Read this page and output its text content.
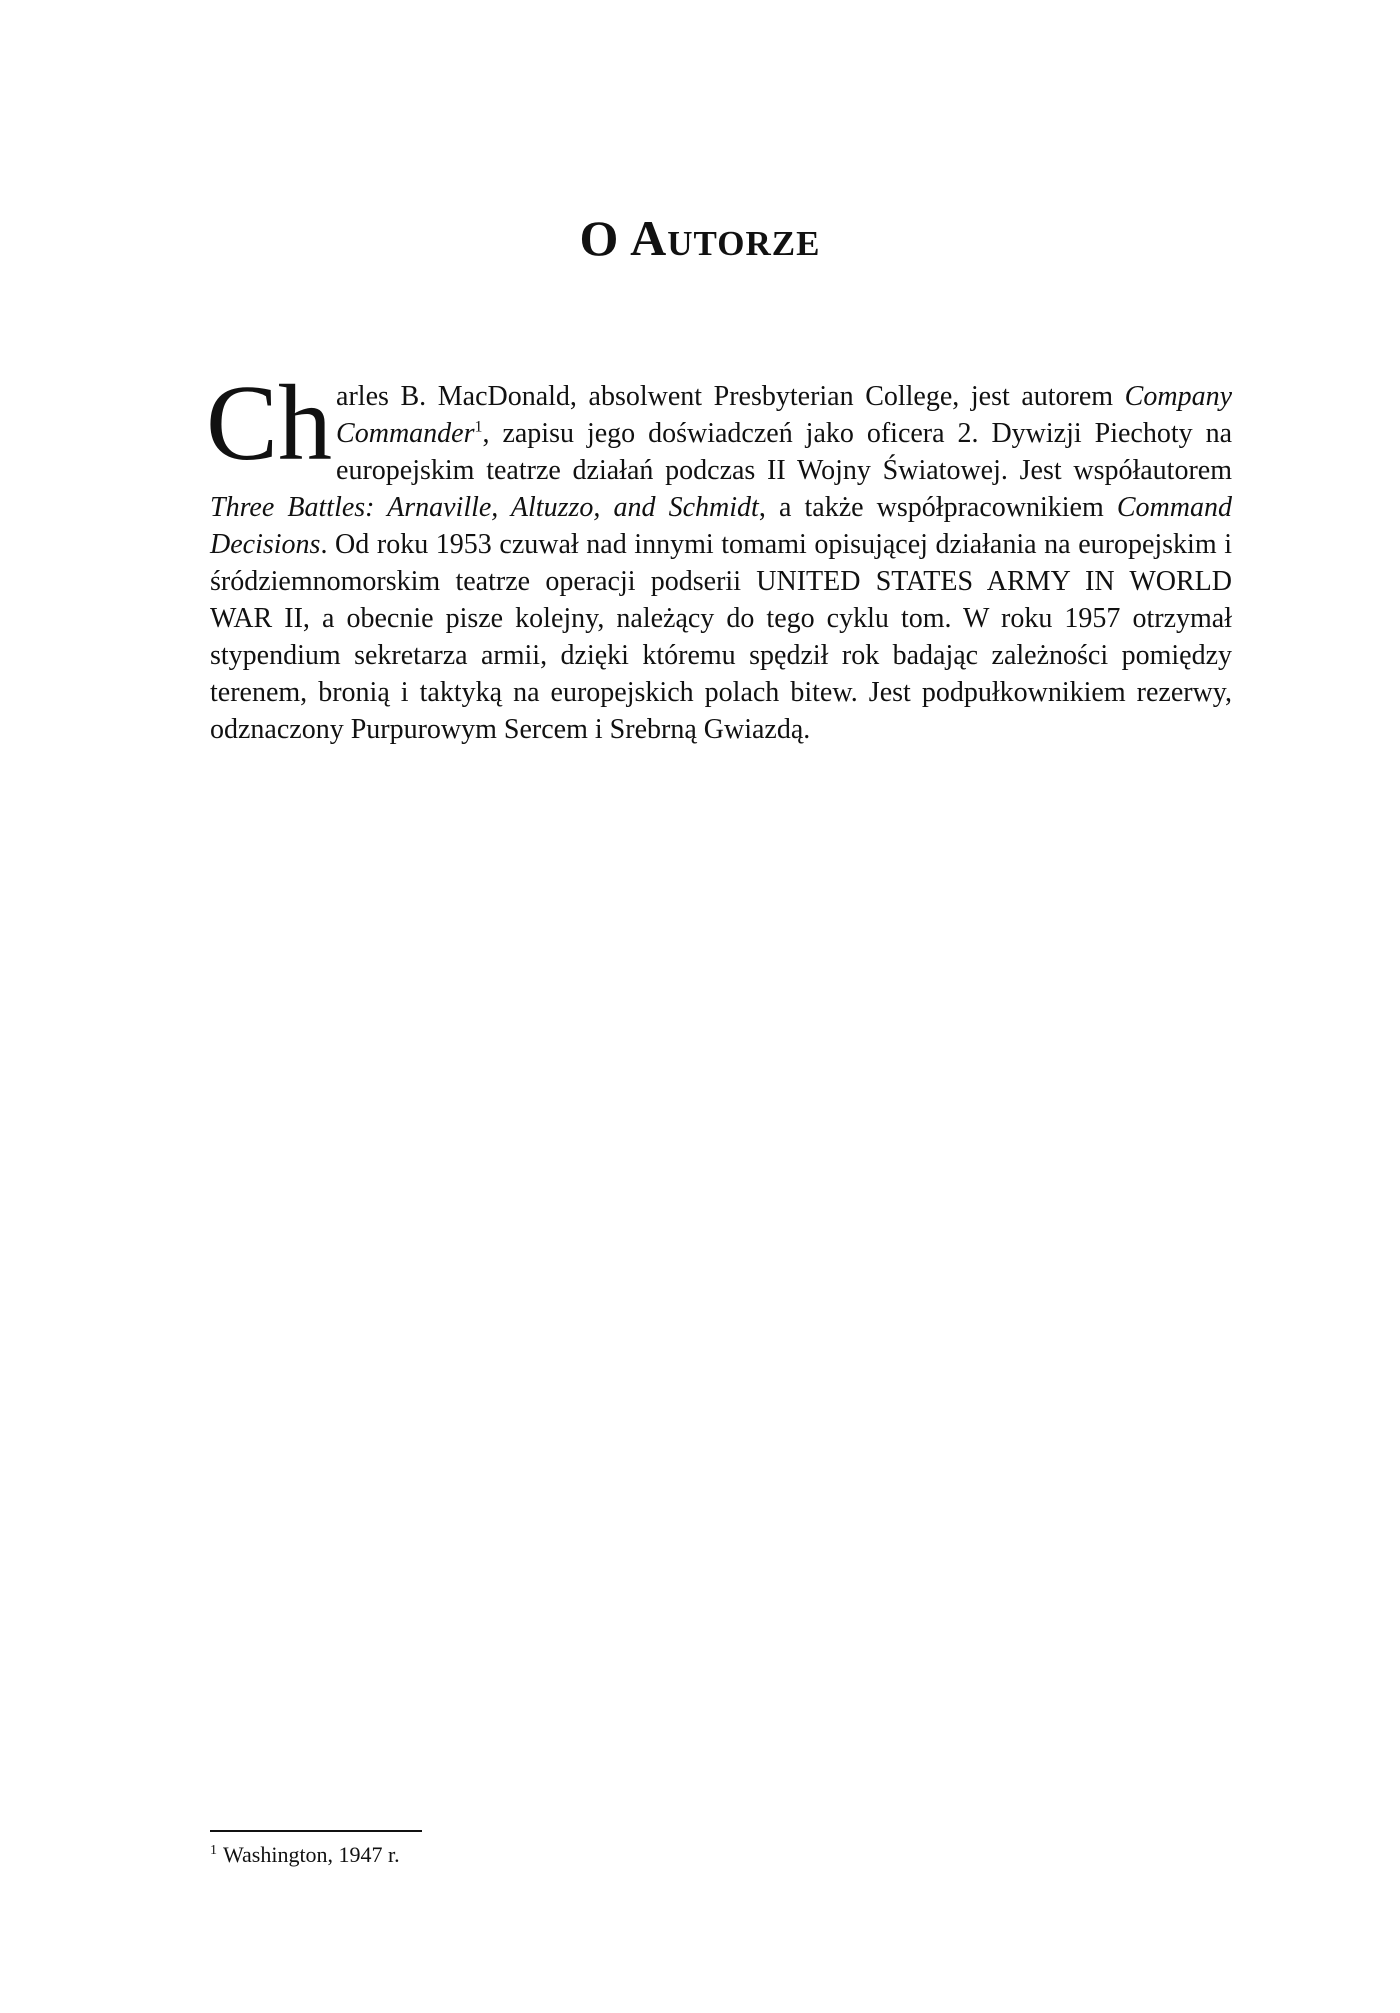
O Autorze

Ch arles B. MacDonald, absolwent Presbyterian College, jest autorem Company Commander$^1$, zapisu jego doświadczeń jako oficera 2. Dywizji Piechoty na europejskim teatrze działań podczas II Wojny Światowej. Jest współautorem Three Battles: Arnaville, Altuzzo, and Schmidt, a także współpracownikiem Command Decisions. Od roku 1953 czuwał nad innymi tomami opisującej działania na europejskim i śródziemnomorskim teatrze operacji podserii UNITED STATES ARMY IN WORLD WAR II, a obecnie pisze kolejny, należący do tego cyklu tom. W roku 1957 otrzymał stypendium sekretarza armii, dzięki któremu spędził rok badając zależności pomiędzy terenem, bronią i taktyką na europejskich polach bitew. Jest podpułkownikiem rezerwy, odznaczony Purpurowym Sercem i Srebrną Gwiazdą.

$^1$ Washington, 1947 r.
